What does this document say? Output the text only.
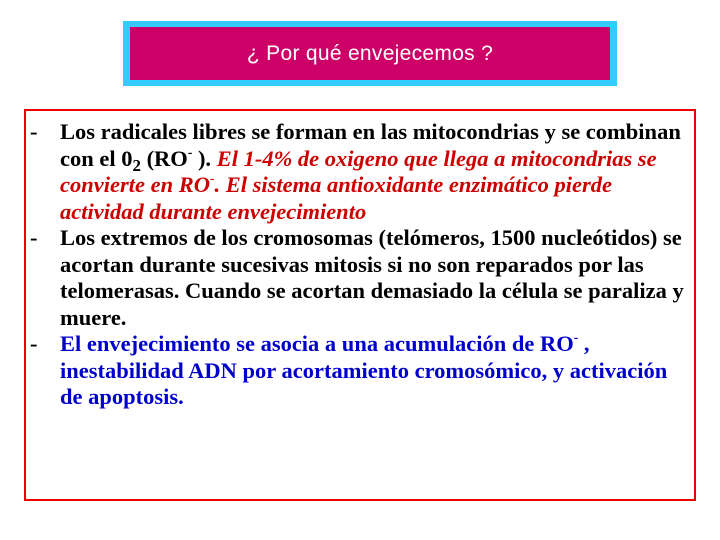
¿ Por qué envejecemos ?
- Los radicales libres se forman en las mitocondrias y se combinan con el $0_2$ (RO- ). El 1-4% de oxigeno que llega a mitocondrias se convierte en RO-. El sistema antioxidante enzimático pierde actividad durante envejecimiento
- Los extremos de los cromosomas (telómeros, 1500 nucleótidos) se acortan durante sucesivas mitosis si no son reparados por las telomerasas. Cuando se acortan demasiado la célula se paraliza y muere.
- El envejecimiento se asocia a una acumulación de RO- , inestabilidad ADN por acortamiento cromosómico, y activación de apoptosis.
